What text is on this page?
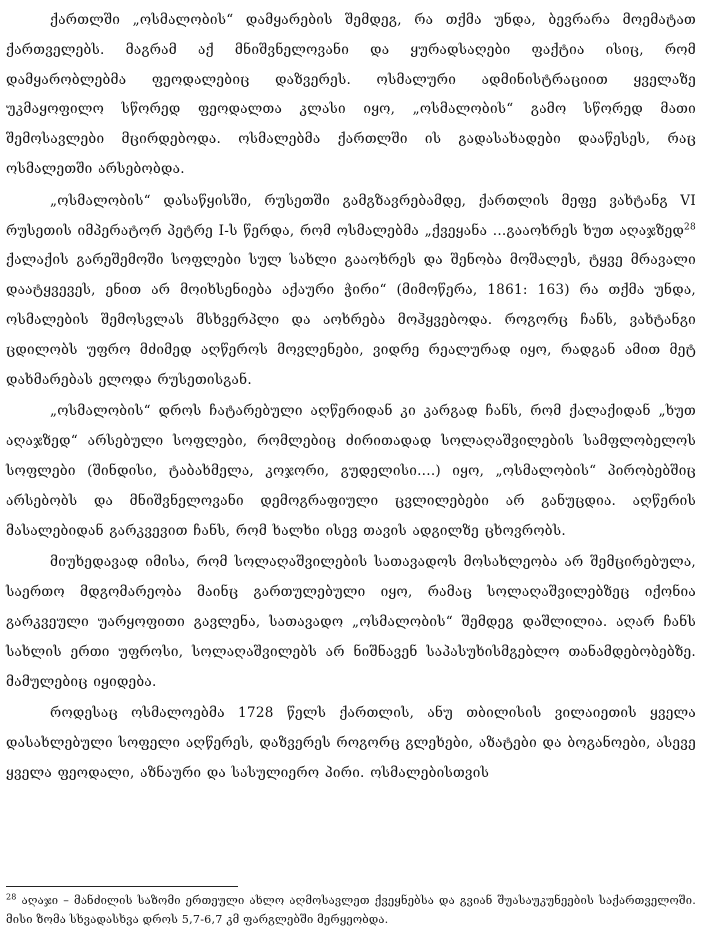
ქართლში „ოსმალობის“ დამყარების შემდეგ, რა თქმა უნდა, ბევრარა მოემატათ ქართველებს. მაგრამ აქ მნიშვნელოვანი და ყურადსაღები ფაქტია ისიც, რომ დამყარობლებმა ფეოდალებიც დაზვერეს. ოსმალური ადმინისტრაციით ყველაზე უკმაყოფილო სწორედ ფეოდალთა კლასი იყო, „ოსმალობის“ გამო სწორედ მათი შემოსავლები მცირდებოდა. ოსმალებმა ქართლში ის გადასახადები დააწესეს, რაც ოსმალეთში არსებობდა.

„ოსმალობის“ დასაწყისში, რუსეთში გამგზავრებამდე, ქართლის მეფე ვახტანგ VI რუსეთის იმპერატორ პეტრე I-ს წერდა, რომ ოსმალებმა „ქვეყანა ...გააოხრეს ხუთ აღაჯზედ$^{28}$ ქალაქის გარეშემოში სოფლები სულ სახლი გააოხრეს და შენობა მოშალეს, ტყვე მრავალი დაატყვევეს, ენით არ მოიხსენიება აქაური ჭირი“ (მიმოწერა, 1861: 163) რა თქმა უნდა, ოსმალების შემოსვლას მსხვერპლი და აოხრება მოჰყვებოდა. როგორც ჩანს, ვახტანგი ცდილობს უფრო მძიმედ აღწეროს მოვლენები, ვიდრე რეალურად იყო, რადგან ამით მეტ დახმარებას ელოდა რუსეთისგან.

„ოსმალობის“ დროს ჩატარებული აღწერიდან კი კარგად ჩანს, რომ ქალაქიდან „ხუთ აღაჯზედ“ არსებული სოფლები, რომლებიც ძირითადად სოლაღაშვილების სამფლობელოს სოფლები (შინდისი, ტაბახმელა, კოჯორი, გუდელისი....) იყო, „ოსმალობის“ პირობებშიც არსებობს და მნიშვნელოვანი დემოგრაფიული ცვლილებები არ განუცდია. აღწერის მასალებიდან გარკვევით ჩანს, რომ ხალხი ისევ თავის ადგილზე ცხოვრობს.

მიუხედავად იმისა, რომ სოლაღაშვილების სათავადოს მოსახლეობა არ შემცირებულა, საერთო მდგომარეობა მაინც გართულებული იყო, რამაც სოლაღაშვილებზეც იქონია გარკვეული უარყოფითი გავლენა, სათავადო „ოსმალობის“ შემდეგ დაშლილია. აღარ ჩანს სახლის ერთი უფროსი, სოლაღაშვილებს არ ნიშნავენ საპასუხისმგებლო თანამდებობებზე. მამულებიც იყიდება.

როდესაც ოსმალოებმა 1728 წელს ქართლის, ანუ თბილისის ვილაიეთის ყველა დასახლებული სოფელი აღწერეს, დაზვერეს როგორც გლეხები, აზატები და ბოგანოები, ასევე ყველა ფეოდალი, აზნაური და სასულიერო პირი. ოსმალებისთვის

$^{28}$ აღაჯი – მანძილის საზომი ერთეული ახლო აღმოსავლეთ ქვეყნებსა და გვიან შუასაუკუნეების საქართველოში. მისი ზომა სხვადასხვა დროს 5,7-6,7 კმ ფარგლებში მერყეობდა.
